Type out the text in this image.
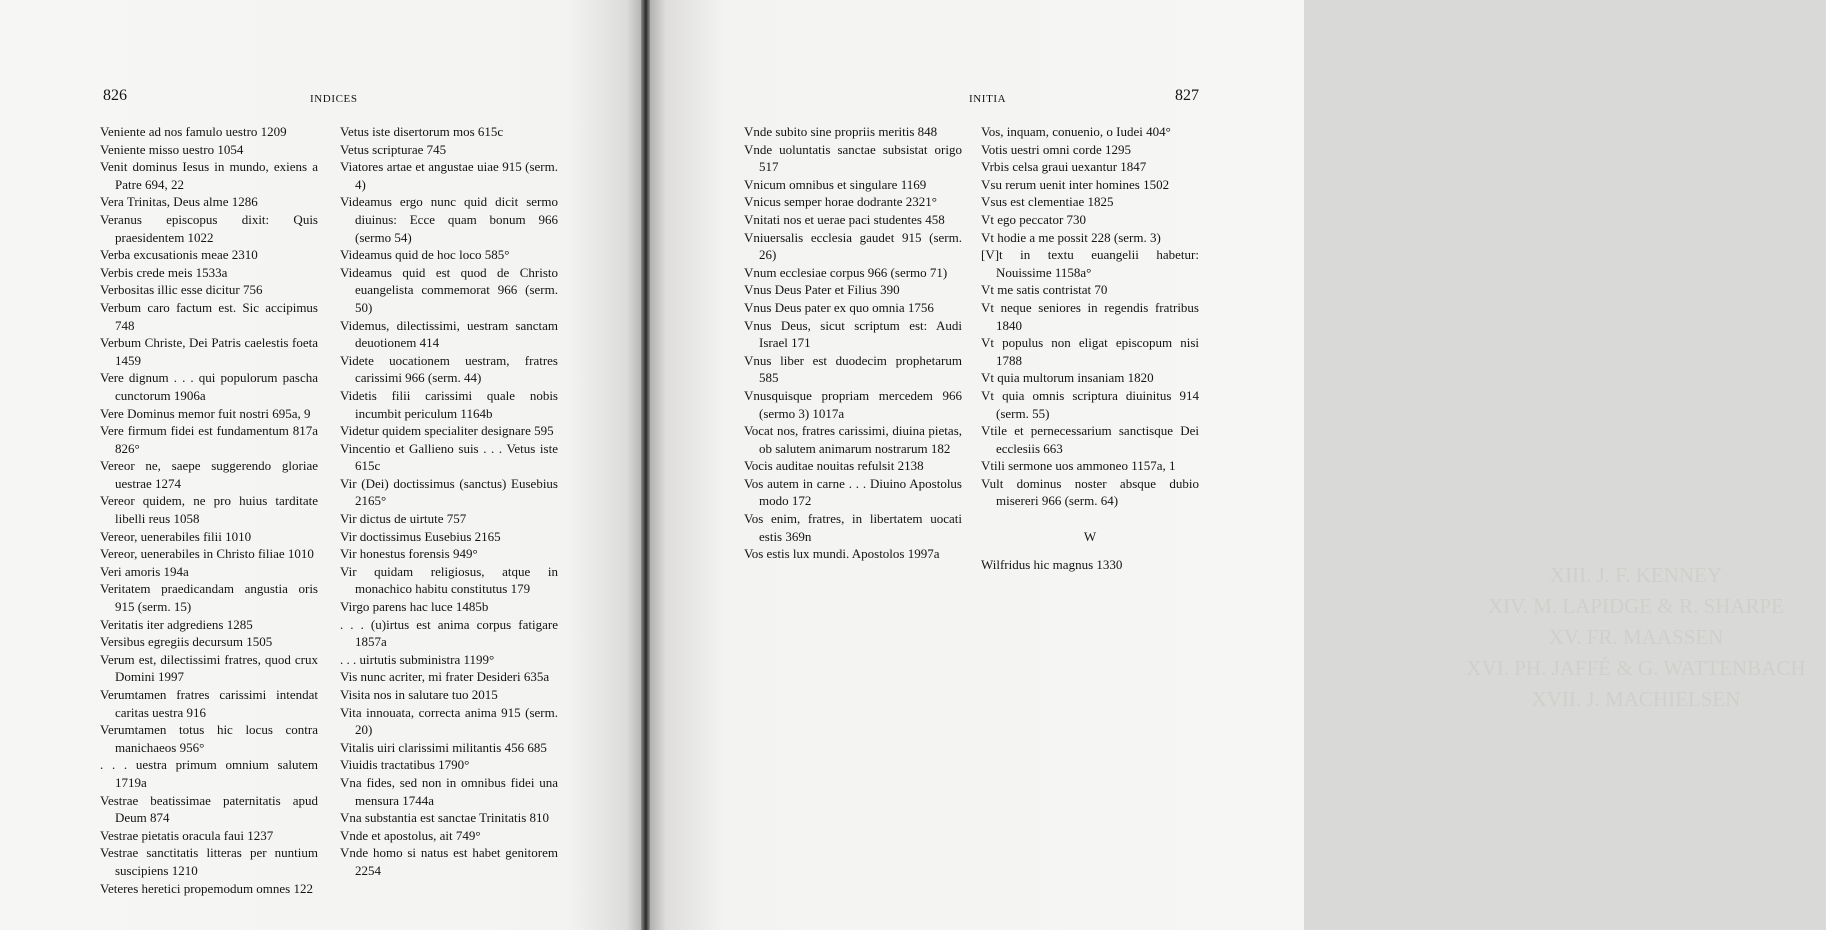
826	INDICES

Veniente ad nos famulo uestro 1209

Veniente misso uestro 1054

Venit dominus Iesus in mundo, exiens a Patre 694, 22

Vera Trinitas, Deus alme 1286

Veranus episcopus dixit: Quis praesidentem 1022

Verba excusationis meae 2310

Verbis crede meis 1533a

Verbositas illic esse dicitur 756

Verbum caro factum est. Sic accipimus 748

Verbum Christe, Dei Patris caelestis foeta 1459

Vere dignum . . . qui populorum pascha cunctorum 1906a

Vere Dominus memor fuit nostri 695a, 9

Vere firmum fidei est fundamentum 817a 826°

Vereor ne, saepe suggerendo gloriae uestrae 1274

Vereor quidem, ne pro huius tarditate libelli reus 1058

Vereor, uenerabiles filii 1010

Vereor, uenerabiles in Christo filiae 1010

Veri amoris 194a

Veritatem praedicandam angustia oris 915 (serm. 15)

Veritatis iter adgrediens 1285

Versibus egregiis decursum 1505

Verum est, dilectissimi fratres, quod crux Domini 1997

Verumtamen fratres carissimi intendat caritas uestra 916

Verumtamen totus hic locus contra manichaeos 956°

. . . uestra primum omnium salutem 1719a

Vestrae beatissimae paternitatis apud Deum 874

Vestrae pietatis oracula faui 1237

Vestrae sanctitatis litteras per nuntium suscipiens 1210

Veteres heretici propemodum omnes 122

Vetus iste disertorum mos 615c

Vetus scripturae 745

Viatores artae et angustae uiae 915 (serm. 4)

Videamus ergo nunc quid dicit sermo diuinus: Ecce quam bonum 966 (sermo 54)

Videamus quid de hoc loco 585°

Videamus quid est quod de Christo euangelista commemorat 966 (serm. 50)

Videmus, dilectissimi, uestram sanctam deuotionem 414

Videte uocationem uestram, fratres carissimi 966 (serm. 44)

Videtis filii carissimi quale nobis incumbit periculum 1164b

Videtur quidem specialiter designare 595

Vincentio et Gallieno suis . . . Vetus iste 615c

Vir (Dei) doctissimus (sanctus) Eusebius 2165°

Vir dictus de uirtute 757

Vir doctissimus Eusebius 2165

Vir honestus forensis 949°

Vir quidam religiosus, atque in monachico habitu constitutus 179

Virgo parens hac luce 1485b

. . . (u)irtus est anima corpus fatigare 1857a

. . . uirtutis subministra 1199°

Vis nunc acriter, mi frater Desideri 635a

Visita nos in salutare tuo 2015

Vita innouata, correcta anima 915 (serm. 20)

Vitalis uiri clarissimi militantis 456 685

Viuidis tractatibus 1790°

Vna fides, sed non in omnibus fidei una mensura 1744a

Vna substantia est sanctae Trinitatis 810

Vnde et apostolus, ait 749°

Vnde homo si natus est habet genitorem 2254

XIII. J. F. KENNEY
XIV. M. LAPIDGE & R. SHARPE
XV. FR. MAASSEN
XVI. PH. JAFFÉ & G. WATTENBACH
XVII. J. MACHIELSEN
INITIA	827

Vnde subito sine propriis meritis 848

Vnde uoluntatis sanctae subsistat origo 517

Vnicum omnibus et singulare 1169

Vnicus semper horae dodrante 2321°

Vnitati nos et uerae paci studentes 458

Vniuersalis ecclesia gaudet 915 (serm. 26)

Vnum ecclesiae corpus 966 (sermo 71)

Vnus Deus Pater et Filius 390

Vnus Deus pater ex quo omnia 1756

Vnus Deus, sicut scriptum est: Audi Israel 171

Vnus liber est duodecim prophetarum 585

Vnusquisque propriam mercedem 966 (sermo 3) 1017a

Vocat nos, fratres carissimi, diuina pietas, ob salutem animarum nostrarum 182

Vocis auditae nouitas refulsit 2138

Vos autem in carne . . . Diuino Apostolus modo 172

Vos enim, fratres, in libertatem uocati estis 369n

Vos estis lux mundi. Apostolos 1997a

Vos, inquam, conuenio, o Iudei 404°

Votis uestri omni corde 1295

Vrbis celsa graui uexantur 1847

Vsu rerum uenit inter homines 1502

Vsus est clementiae 1825

Vt ego peccator 730

Vt hodie a me possit 228 (serm. 3)

[V]t in textu euangelii habetur: Nouissime 1158a°

Vt me satis contristat 70

Vt neque seniores in regendis fratribus 1840

Vt populus non eligat episcopum nisi 1788

Vt quia multorum insaniam 1820

Vt quia omnis scriptura diuinitus 914 (serm. 55)

Vtile et pernecessarium sanctisque Dei ecclesiis 663

Vtili sermone uos ammoneo 1157a, 1

Vult dominus noster absque dubio misereri 966 (serm. 64)

W

Wilfridus hic magnus 1330
